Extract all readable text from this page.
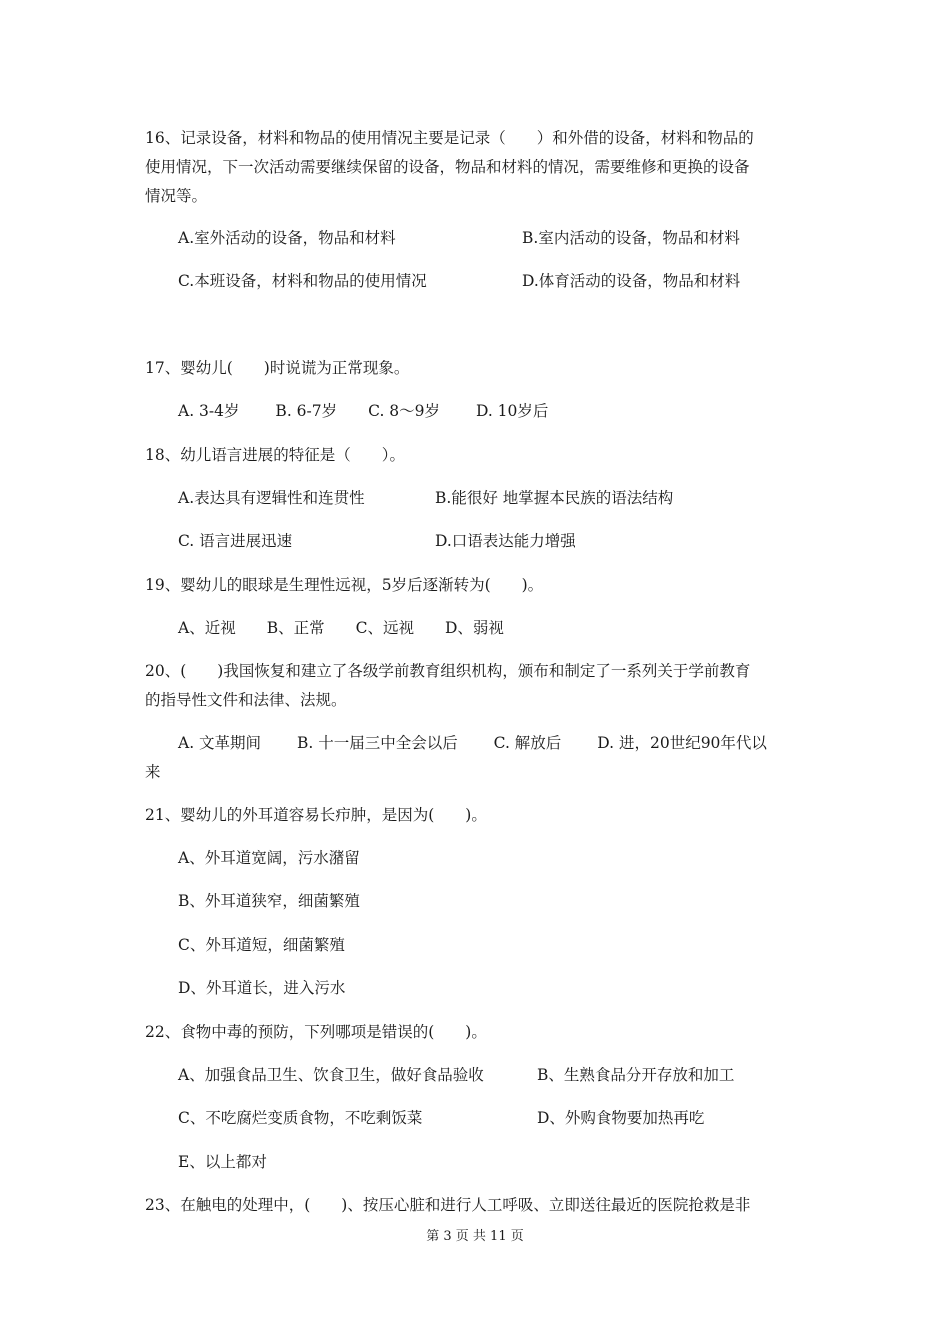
16、记录设备，材料和物品的使用情况主要是记录（　　）和外借的设备，材料和物品的
使用情况，下一次活动需要继续保留的设备，物品和材料的情况，需要维修和更换的设备
情况等。
A.室外活动的设备，物品和材料	B.室内活动的设备，物品和材料
C.本班设备，材料和物品的使用情况	D.体育活动的设备，物品和材料
17、婴幼儿(　　)时说谎为正常现象。
A. 3-4岁　　 B. 6-7岁　　C. 8～9岁　　 D. 10岁后
18、幼儿语言进展的特征是（　　）。
A.表达具有逻辑性和连贯性	B.能很好 地掌握本民族的语法结构
C. 语言进展迅速	D.口语表达能力增强
19、婴幼儿的眼球是生理性远视，5岁后逐渐转为(　　)。
A、近视　　B、正常　　C、远视　　D、弱视
20、(　　)我国恢复和建立了各级学前教育组织机构，颁布和制定了一系列关于学前教育
的指导性文件和法律、法规。
A. 文革期间　　 B. 十一届三中全会以后　　 C. 解放后　　 D. 进，20世纪90年代以
来
21、婴幼儿的外耳道容易长疖肿，是因为(　　)。
A、外耳道宽阔，污水潴留
B、外耳道狭窄，细菌繁殖
C、外耳道短，细菌繁殖
D、外耳道长，进入污水
22、食物中毒的预防，下列哪项是错误的(　　)。
A、加强食品卫生、饮食卫生，做好食品验收	B、生熟食品分开存放和加工
C、不吃腐烂变质食物，不吃剩饭菜	D、外购食物要加热再吃
E、以上都对
23、在触电的处理中，(　　)、按压心脏和进行人工呼吸、立即送往最近的医院抢救是非
第 3 页 共 11 页
